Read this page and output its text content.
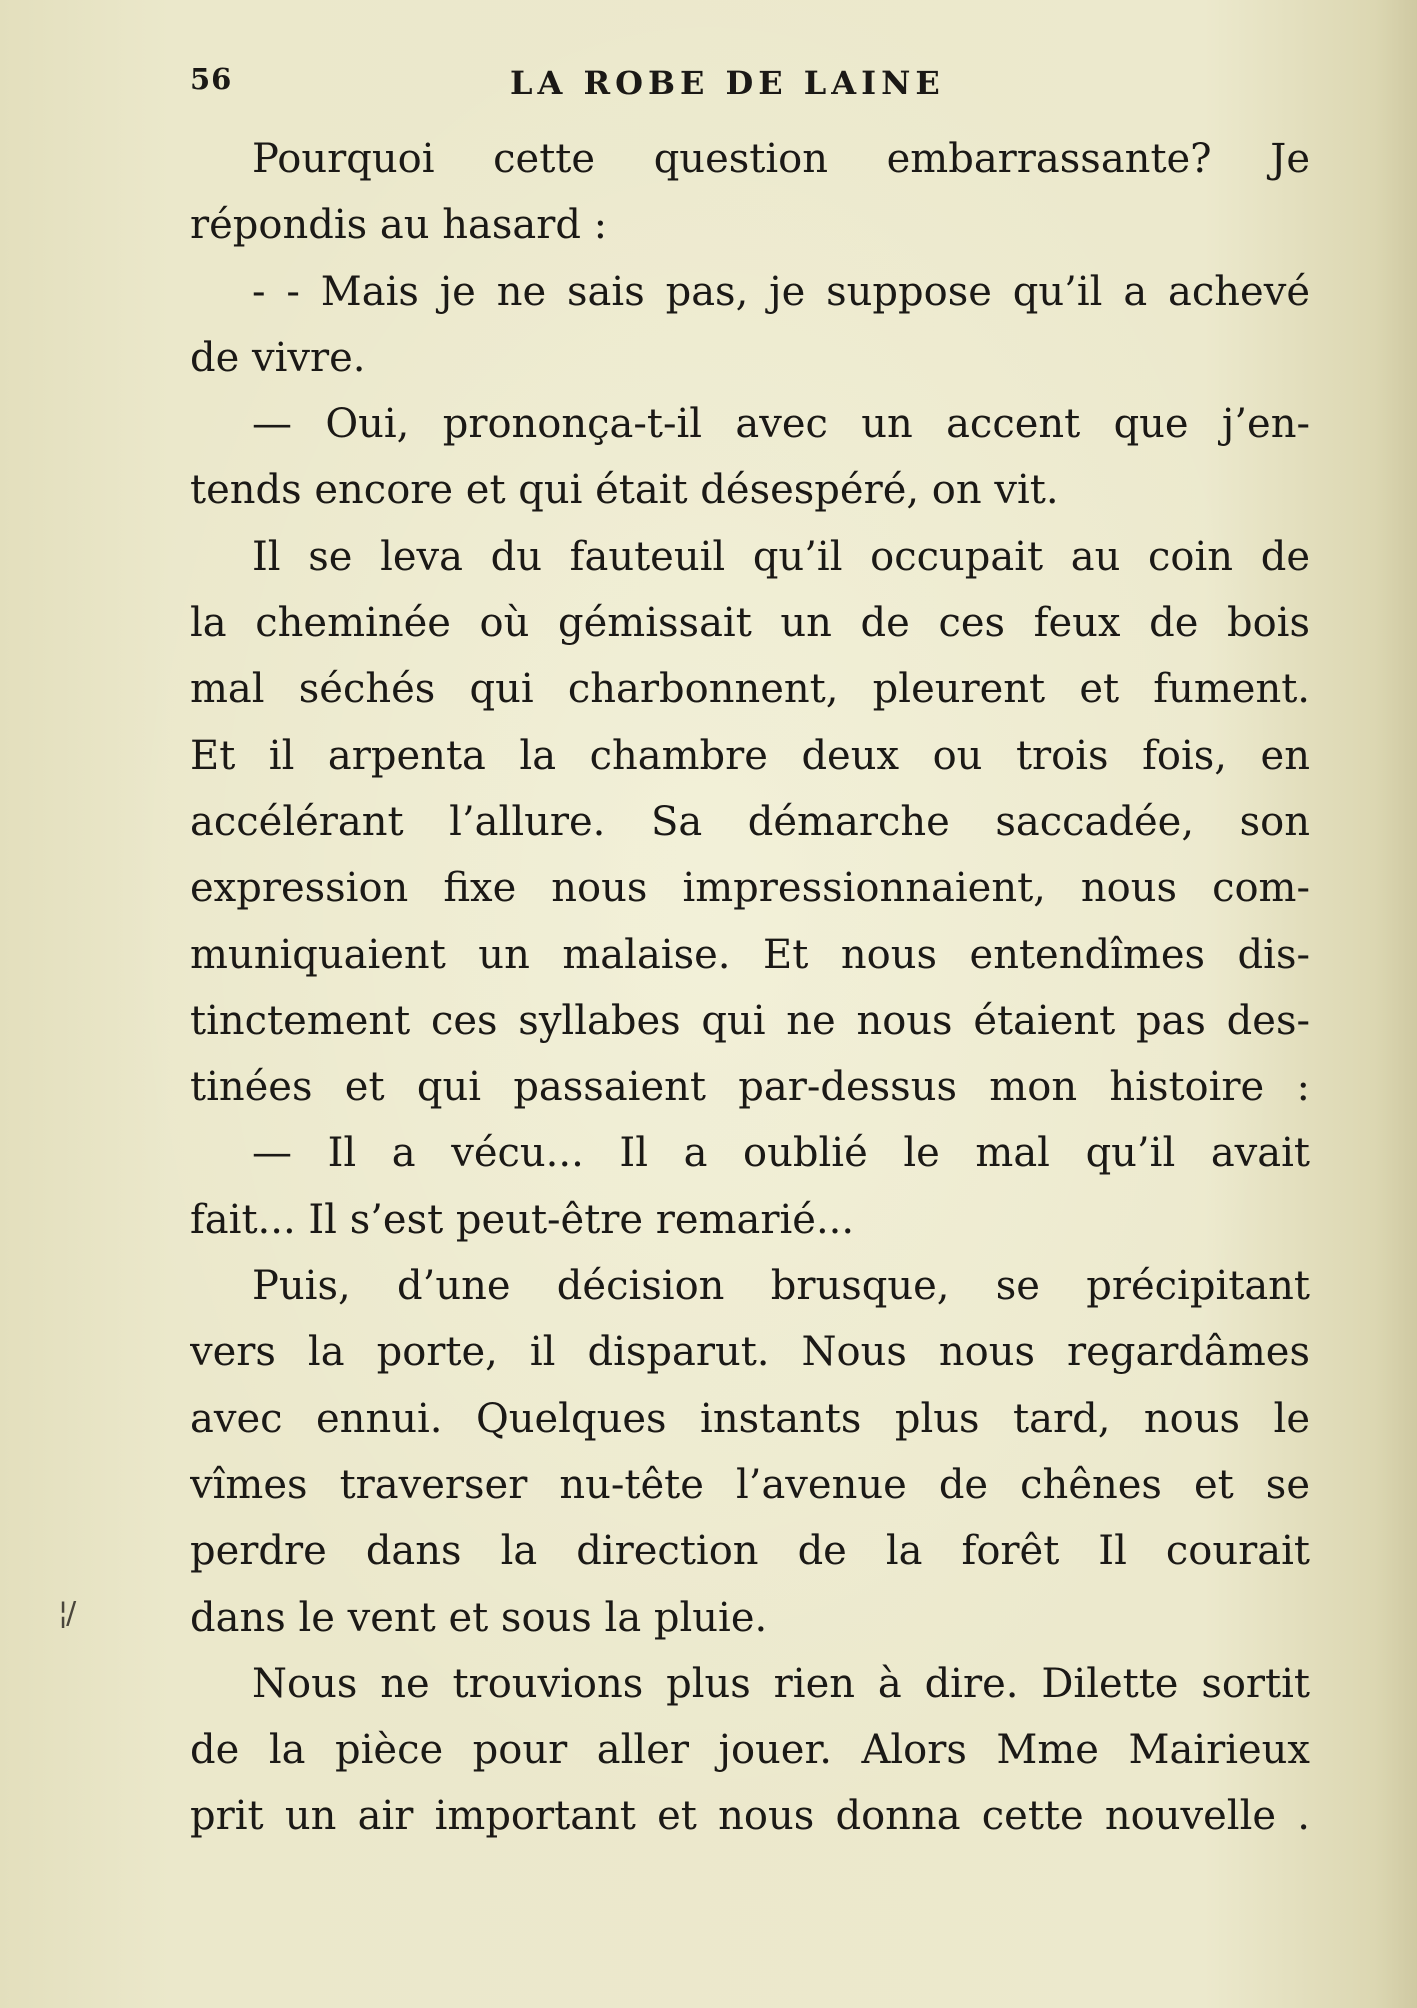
56	LA ROBE DE LAINE
Pourquoi cette question embarrassante? Je
répondis au hasard :
- - Mais je ne sais pas, je suppose qu’il a achevé
de vivre.
— Oui, prononça-t-il avec un accent que j’en-
tends encore et qui était désespéré, on vit.
Il se leva du fauteuil qu’il occupait au coin de
la cheminée où gémissait un de ces feux de bois
mal séchés qui charbonnent, pleurent et fument.
Et il arpenta la chambre deux ou trois fois, en
accélérant l’allure. Sa démarche saccadée, son
expression fixe nous impressionnaient, nous com-
muniquaient un malaise. Et nous entendîmes dis-
tinctement ces syllabes qui ne nous étaient pas des-
tinées et qui passaient par-dessus mon histoire :
— Il a vécu... Il a oublié le mal qu’il avait
fait... Il s’est peut-être remarié...
Puis, d’une décision brusque, se précipitant
vers la porte, il disparut. Nous nous regardâmes
avec ennui. Quelques instants plus tard, nous le
vîmes traverser nu-tête l’avenue de chênes et se
perdre dans la direction de la forêt Il courait
dans le vent et sous la pluie.
Nous ne trouvions plus rien à dire. Dilette sortit
de la pièce pour aller jouer. Alors Mme Mairieux
prit un air important et nous donna cette nouvelle .
¦/
